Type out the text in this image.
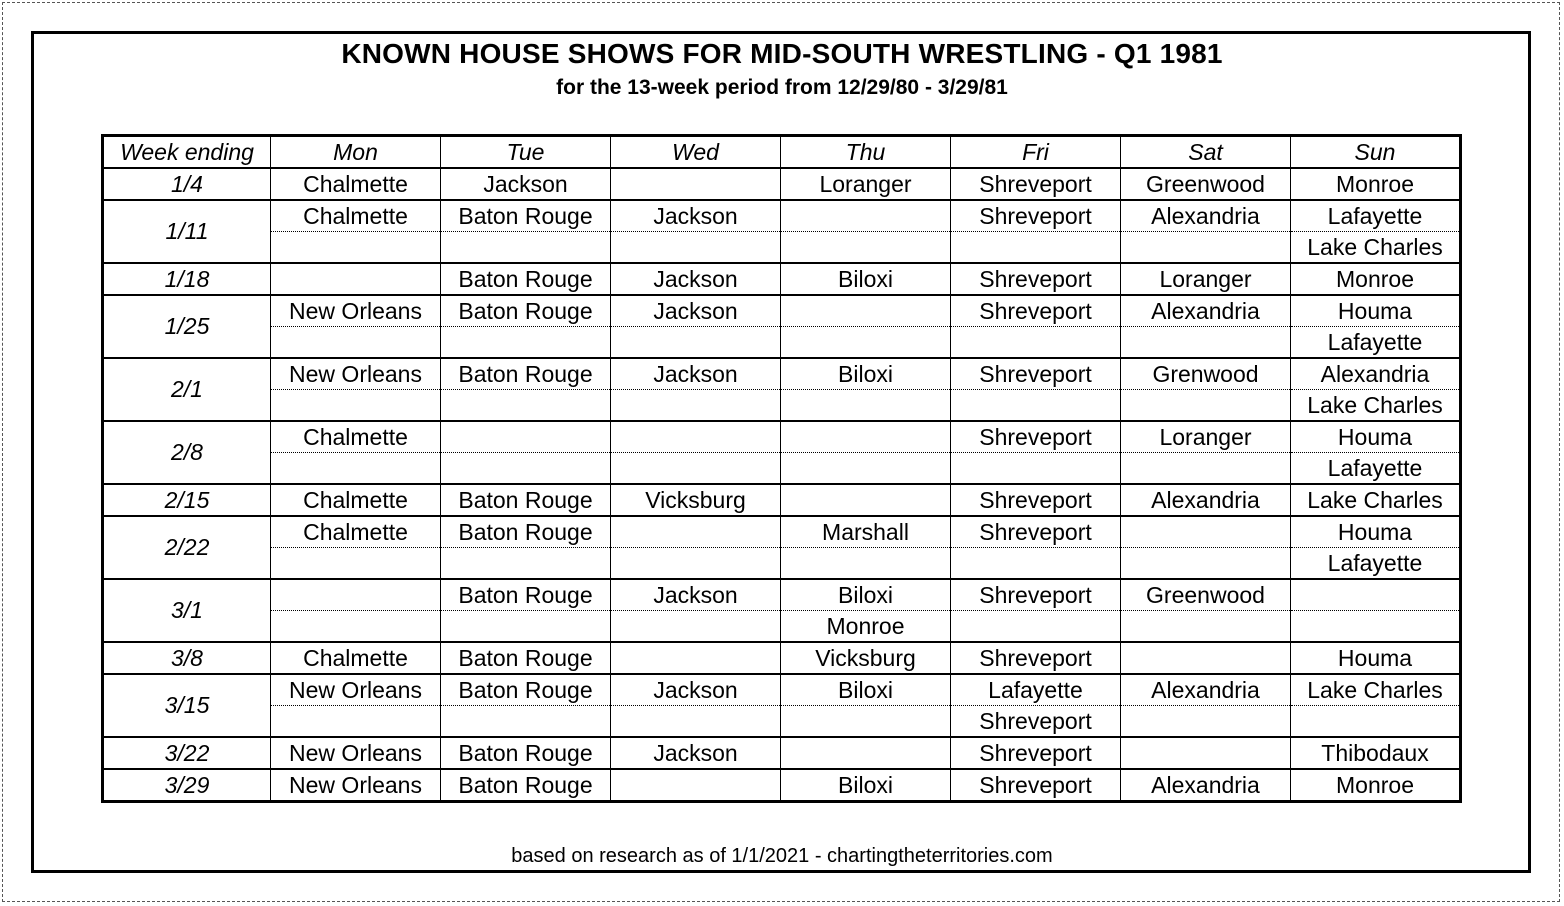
KNOWN HOUSE SHOWS FOR MID-SOUTH WRESTLING - Q1 1981
for the 13-week period from 12/29/80 - 3/29/81
Week ending	Mon	Tue	Wed	Thu	Fri	Sat	Sun
1/4	Chalmette	Jackson		Loranger	Shreveport	Greenwood	Monroe
1/11	Chalmette	Baton Rouge	Jackson		Shreveport	Alexandria	Lafayette
							Lake Charles
1/18		Baton Rouge	Jackson	Biloxi	Shreveport	Loranger	Monroe
1/25	New Orleans	Baton Rouge	Jackson		Shreveport	Alexandria	Houma
							Lafayette
2/1	New Orleans	Baton Rouge	Jackson	Biloxi	Shreveport	Grenwood	Alexandria
							Lake Charles
2/8	Chalmette				Shreveport	Loranger	Houma
							Lafayette
2/15	Chalmette	Baton Rouge	Vicksburg		Shreveport	Alexandria	Lake Charles
2/22	Chalmette	Baton Rouge		Marshall	Shreveport		Houma
							Lafayette
3/1		Baton Rouge	Jackson	Biloxi	Shreveport	Greenwood	
				Monroe			
3/8	Chalmette	Baton Rouge		Vicksburg	Shreveport		Houma
3/15	New Orleans	Baton Rouge	Jackson	Biloxi	Lafayette	Alexandria	Lake Charles
					Shreveport		
3/22	New Orleans	Baton Rouge	Jackson		Shreveport		Thibodaux
3/29	New Orleans	Baton Rouge		Biloxi	Shreveport	Alexandria	Monroe
based on research as of 1/1/2021 - chartingtheterritories.com
